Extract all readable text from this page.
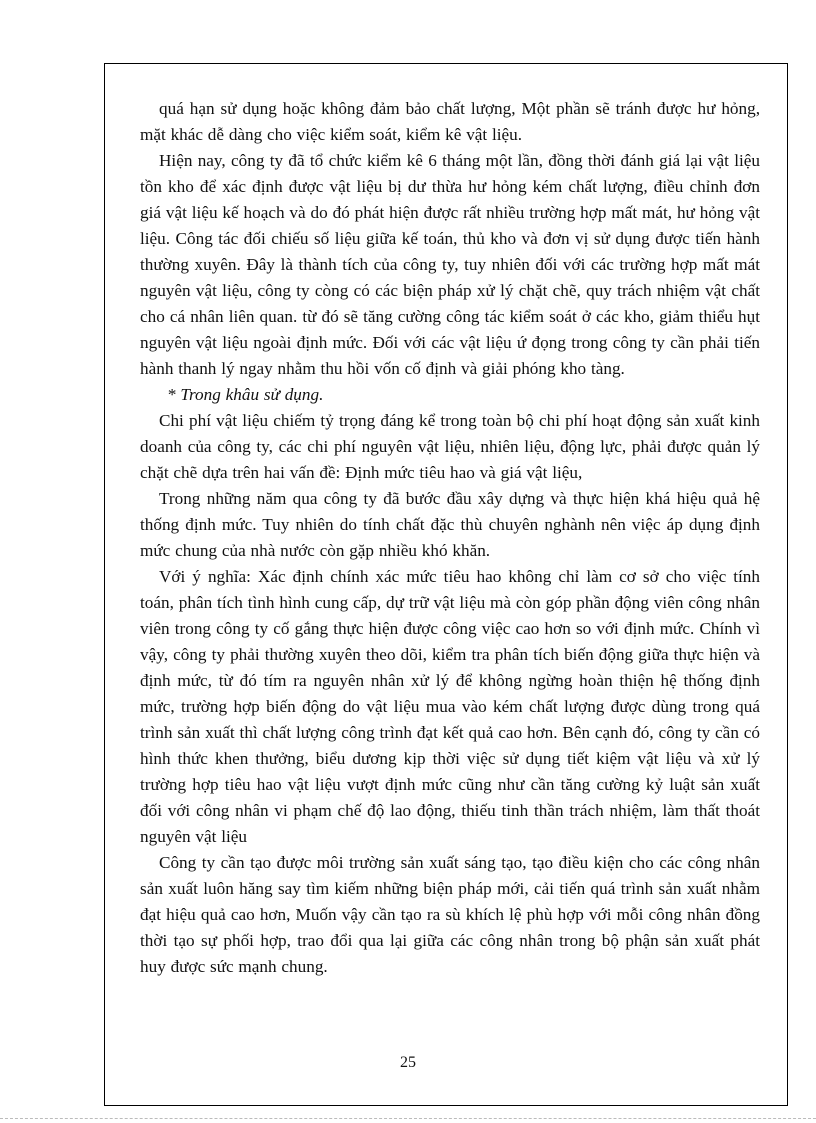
quá hạn sử dụng hoặc không đảm bảo chất lượng, Một phần sẽ tránh được hư hỏng, mặt khác dễ dàng cho việc kiểm soát, kiểm kê vật liệu.

Hiện nay, công ty đã tổ chức kiểm kê 6 tháng một lần, đồng thời đánh giá lại vật liệu tồn kho để xác định được vật liệu bị dư thừa hư hỏng kém chất lượng, điều chỉnh đơn giá vật liệu kế hoạch và do đó phát hiện được rất nhiều trường hợp mất mát, hư hỏng vật liệu. Công tác đối chiếu số liệu giữa kế toán, thủ kho và đơn vị sử dụng được tiến hành thường xuyên. Đây là thành tích của công ty, tuy nhiên đối với các trường hợp mất mát nguyên vật liệu, công ty còng có các biện pháp xử lý chặt chẽ, quy trách nhiệm vật chất cho cá nhân liên quan. từ đó sẽ tăng cường công tác kiểm soát ở các kho, giảm thiểu hụt nguyên vật liệu ngoài định mức. Đối với các vật liệu ứ đọng trong công ty cần phải tiến hành thanh lý ngay nhằm thu hồi vốn cố định và giải phóng kho tàng.

* Trong khâu sử dụng.

Chi phí vật liệu chiếm tỷ trọng đáng kể trong toàn bộ chi phí hoạt động sản xuất kinh doanh của công ty, các chi phí nguyên vật liệu, nhiên liệu, động lực, phải được quản lý chặt chẽ dựa trên hai vấn đề: Định mức tiêu hao và giá vật liệu,

Trong những năm qua công ty đã bước đầu xây dựng và thực hiện khá hiệu quả hệ thống định mức. Tuy nhiên do tính chất đặc thù chuyên nghành nên việc áp dụng định mức chung của nhà nước còn gặp nhiều khó khăn.

Với ý nghĩa: Xác định chính xác mức tiêu hao không chỉ làm cơ sở cho việc tính toán, phân tích tình hình cung cấp, dự trữ vật liệu mà còn góp phần động viên công nhân viên trong công ty cố gắng thực hiện được công việc cao hơn so với định mức. Chính vì vậy, công ty phải thường xuyên theo dõi, kiểm tra phân tích biến động giữa thực hiện và định mức, từ đó tím ra nguyên nhân xử lý để không ngừng hoàn thiện hệ thống định mức, trường hợp biến động do vật liệu mua vào kém chất lượng được dùng trong quá trình sản xuất thì chất lượng công trình đạt kết quả cao hơn. Bên cạnh đó, công ty cần có hình thức khen thưởng, biểu dương kịp thời việc sử dụng tiết kiệm vật liệu và xử lý trường hợp tiêu hao vật liệu vượt định mức cũng như cần tăng cường kỷ luật sản xuất đối với công nhân vi phạm chế độ lao động, thiếu tinh thần trách nhiệm, làm thất thoát nguyên vật liệu

Công ty cần tạo được môi trường sản xuất sáng tạo, tạo điều kiện cho các công nhân sản xuất luôn hăng say tìm kiếm những biện pháp mới, cải tiến quá trình sản xuất nhằm đạt hiệu quả cao hơn, Muốn vậy cần tạo ra sù khích lệ phù hợp với mỗi công nhân đồng thời tạo sự phối hợp, trao đổi qua lại giữa các công nhân trong bộ phận sản xuất phát huy được sức mạnh chung.

25
